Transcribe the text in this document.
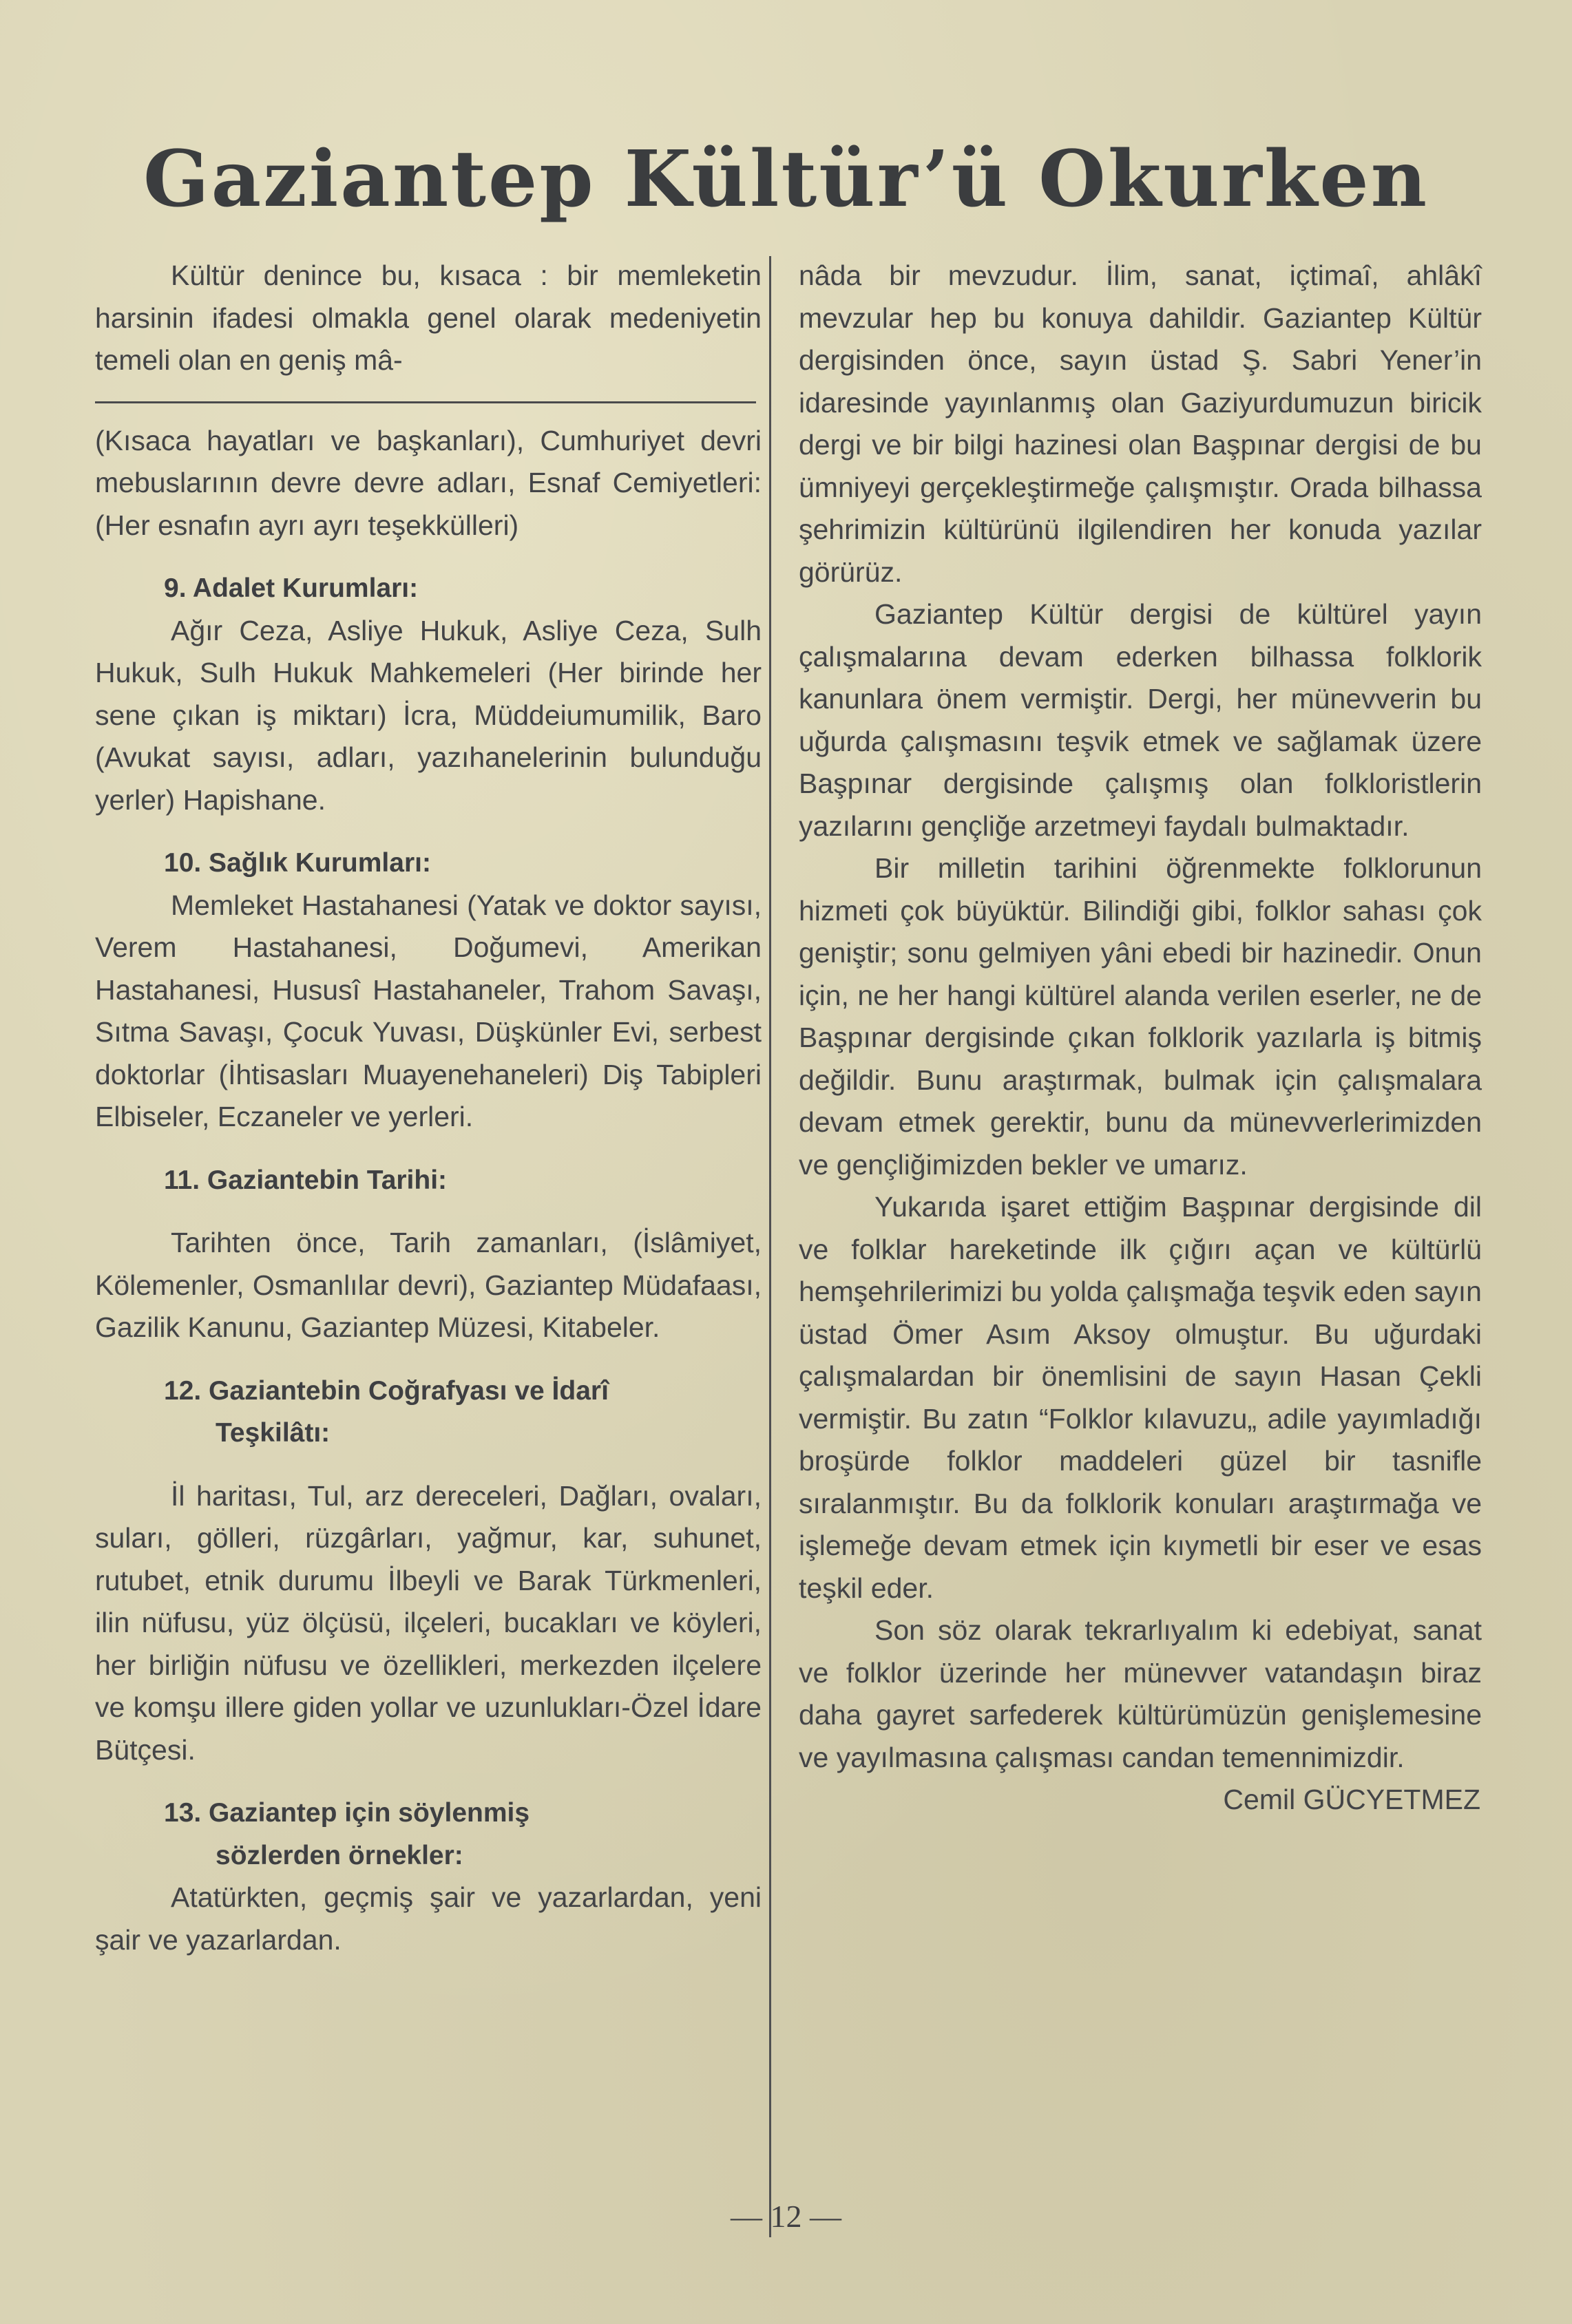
Gaziantep Kültür’ü Okurken

Kültür denince bu, kısaca : bir memleketin harsinin ifadesi olmakla genel olarak medeniyetin temeli olan en geniş mâ-

(Kısaca hayatları ve başkanları), Cumhuriyet devri mebuslarının devre devre adları, Esnaf Cemiyetleri: (Her esnafın ayrı ayrı teşekkülleri)

9. Adalet Kurumları:

Ağır Ceza, Asliye Hukuk, Asliye Ceza, Sulh Hukuk, Sulh Hukuk Mahkemeleri (Her birinde her sene çıkan iş miktarı) İcra, Müddeiumumilik, Baro (Avukat sayısı, adları, yazıhanelerinin bulunduğu yerler) Hapishane.

10. Sağlık Kurumları:

Memleket Hastahanesi (Yatak ve doktor sayısı, Verem Hastahanesi, Doğumevi, Amerikan Hastahanesi, Hususî Hastahaneler, Trahom Savaşı, Sıtma Savaşı, Çocuk Yuvası, Düşkünler Evi, serbest doktorlar (İhtisasları Muayenehaneleri) Diş Tabipleri Elbiseler, Eczaneler ve yerleri.

11. Gaziantebin Tarihi:

Tarihten önce, Tarih zamanları, (İslâmiyet, Kölemenler, Osmanlılar devri), Gaziantep Müdafaası, Gazilik Kanunu, Gaziantep Müzesi, Kitabeler.

12. Gaziantebin Coğrafyası ve İdarî

Teşkilâtı:

İl haritası, Tul, arz dereceleri, Dağları, ovaları, suları, gölleri, rüzgârları, yağmur, kar, suhunet, rutubet, etnik durumu İlbeyli ve Barak Türkmenleri, ilin nüfusu, yüz ölçüsü, ilçeleri, bucakları ve köyleri, her birliğin nüfusu ve özellikleri, merkezden ilçelere ve komşu illere giden yollar ve uzunlukları-Özel İdare Bütçesi.

13. Gaziantep için söylenmiş

sözlerden örnekler:

Atatürkten, geçmiş şair ve yazarlardan, yeni şair ve yazarlardan.

nâda bir mevzudur. İlim, sanat, içtimaî, ahlâkî mevzular hep bu konuya dahildir. Gaziantep Kültür dergisinden önce, sayın üstad Ş. Sabri Yener’in idaresinde yayınlanmış olan Gaziyurdumuzun biricik dergi ve bir bilgi hazinesi olan Başpınar dergisi de bu ümniyeyi gerçekleştirmeğe çalışmıştır. Orada bilhassa şehrimizin kültürünü ilgilendiren her konuda yazılar görürüz.

Gaziantep Kültür dergisi de kültürel yayın çalışmalarına devam ederken bilhassa folklorik kanunlara önem vermiştir. Dergi, her münevverin bu uğurda çalışmasını teşvik etmek ve sağlamak üzere Başpınar dergisinde çalışmış olan folkloristlerin yazılarını gençliğe arzetmeyi faydalı bulmaktadır.

Bir milletin tarihini öğrenmekte folklorunun hizmeti çok büyüktür. Bilindiği gibi, folklor sahası çok geniştir; sonu gelmiyen yâni ebedi bir hazinedir. Onun için, ne her hangi kültürel alanda verilen eserler, ne de Başpınar dergisinde çıkan folklorik yazılarla iş bitmiş değildir. Bunu araştırmak, bulmak için çalışmalara devam etmek gerektir, bunu da münevverlerimizden ve gençliğimizden bekler ve umarız.

Yukarıda işaret ettiğim Başpınar dergisinde dil ve folklar hareketinde ilk çığırı açan ve kültürlü hemşehrilerimizi bu yolda çalışmağa teşvik eden sayın üstad Ömer Asım Aksoy olmuştur. Bu uğurdaki çalışmalardan bir önemlisini de sayın Hasan Çekli vermiştir. Bu zatın “Folklor kılavuzu„ adile yayımladığı broşürde folklor maddeleri güzel bir tasnifle sıralanmıştır. Bu da folklorik konuları araştırmağa ve işlemeğe devam etmek için kıymetli bir eser ve esas teşkil eder.

Son söz olarak tekrarlıyalım ki edebiyat, sanat ve folklor üzerinde her münevver vatandaşın biraz daha gayret sarfederek kültürümüzün genişlemesine ve yayılmasına çalışması candan temennimizdir.

Cemil GÜCYETMEZ

— 12 —
